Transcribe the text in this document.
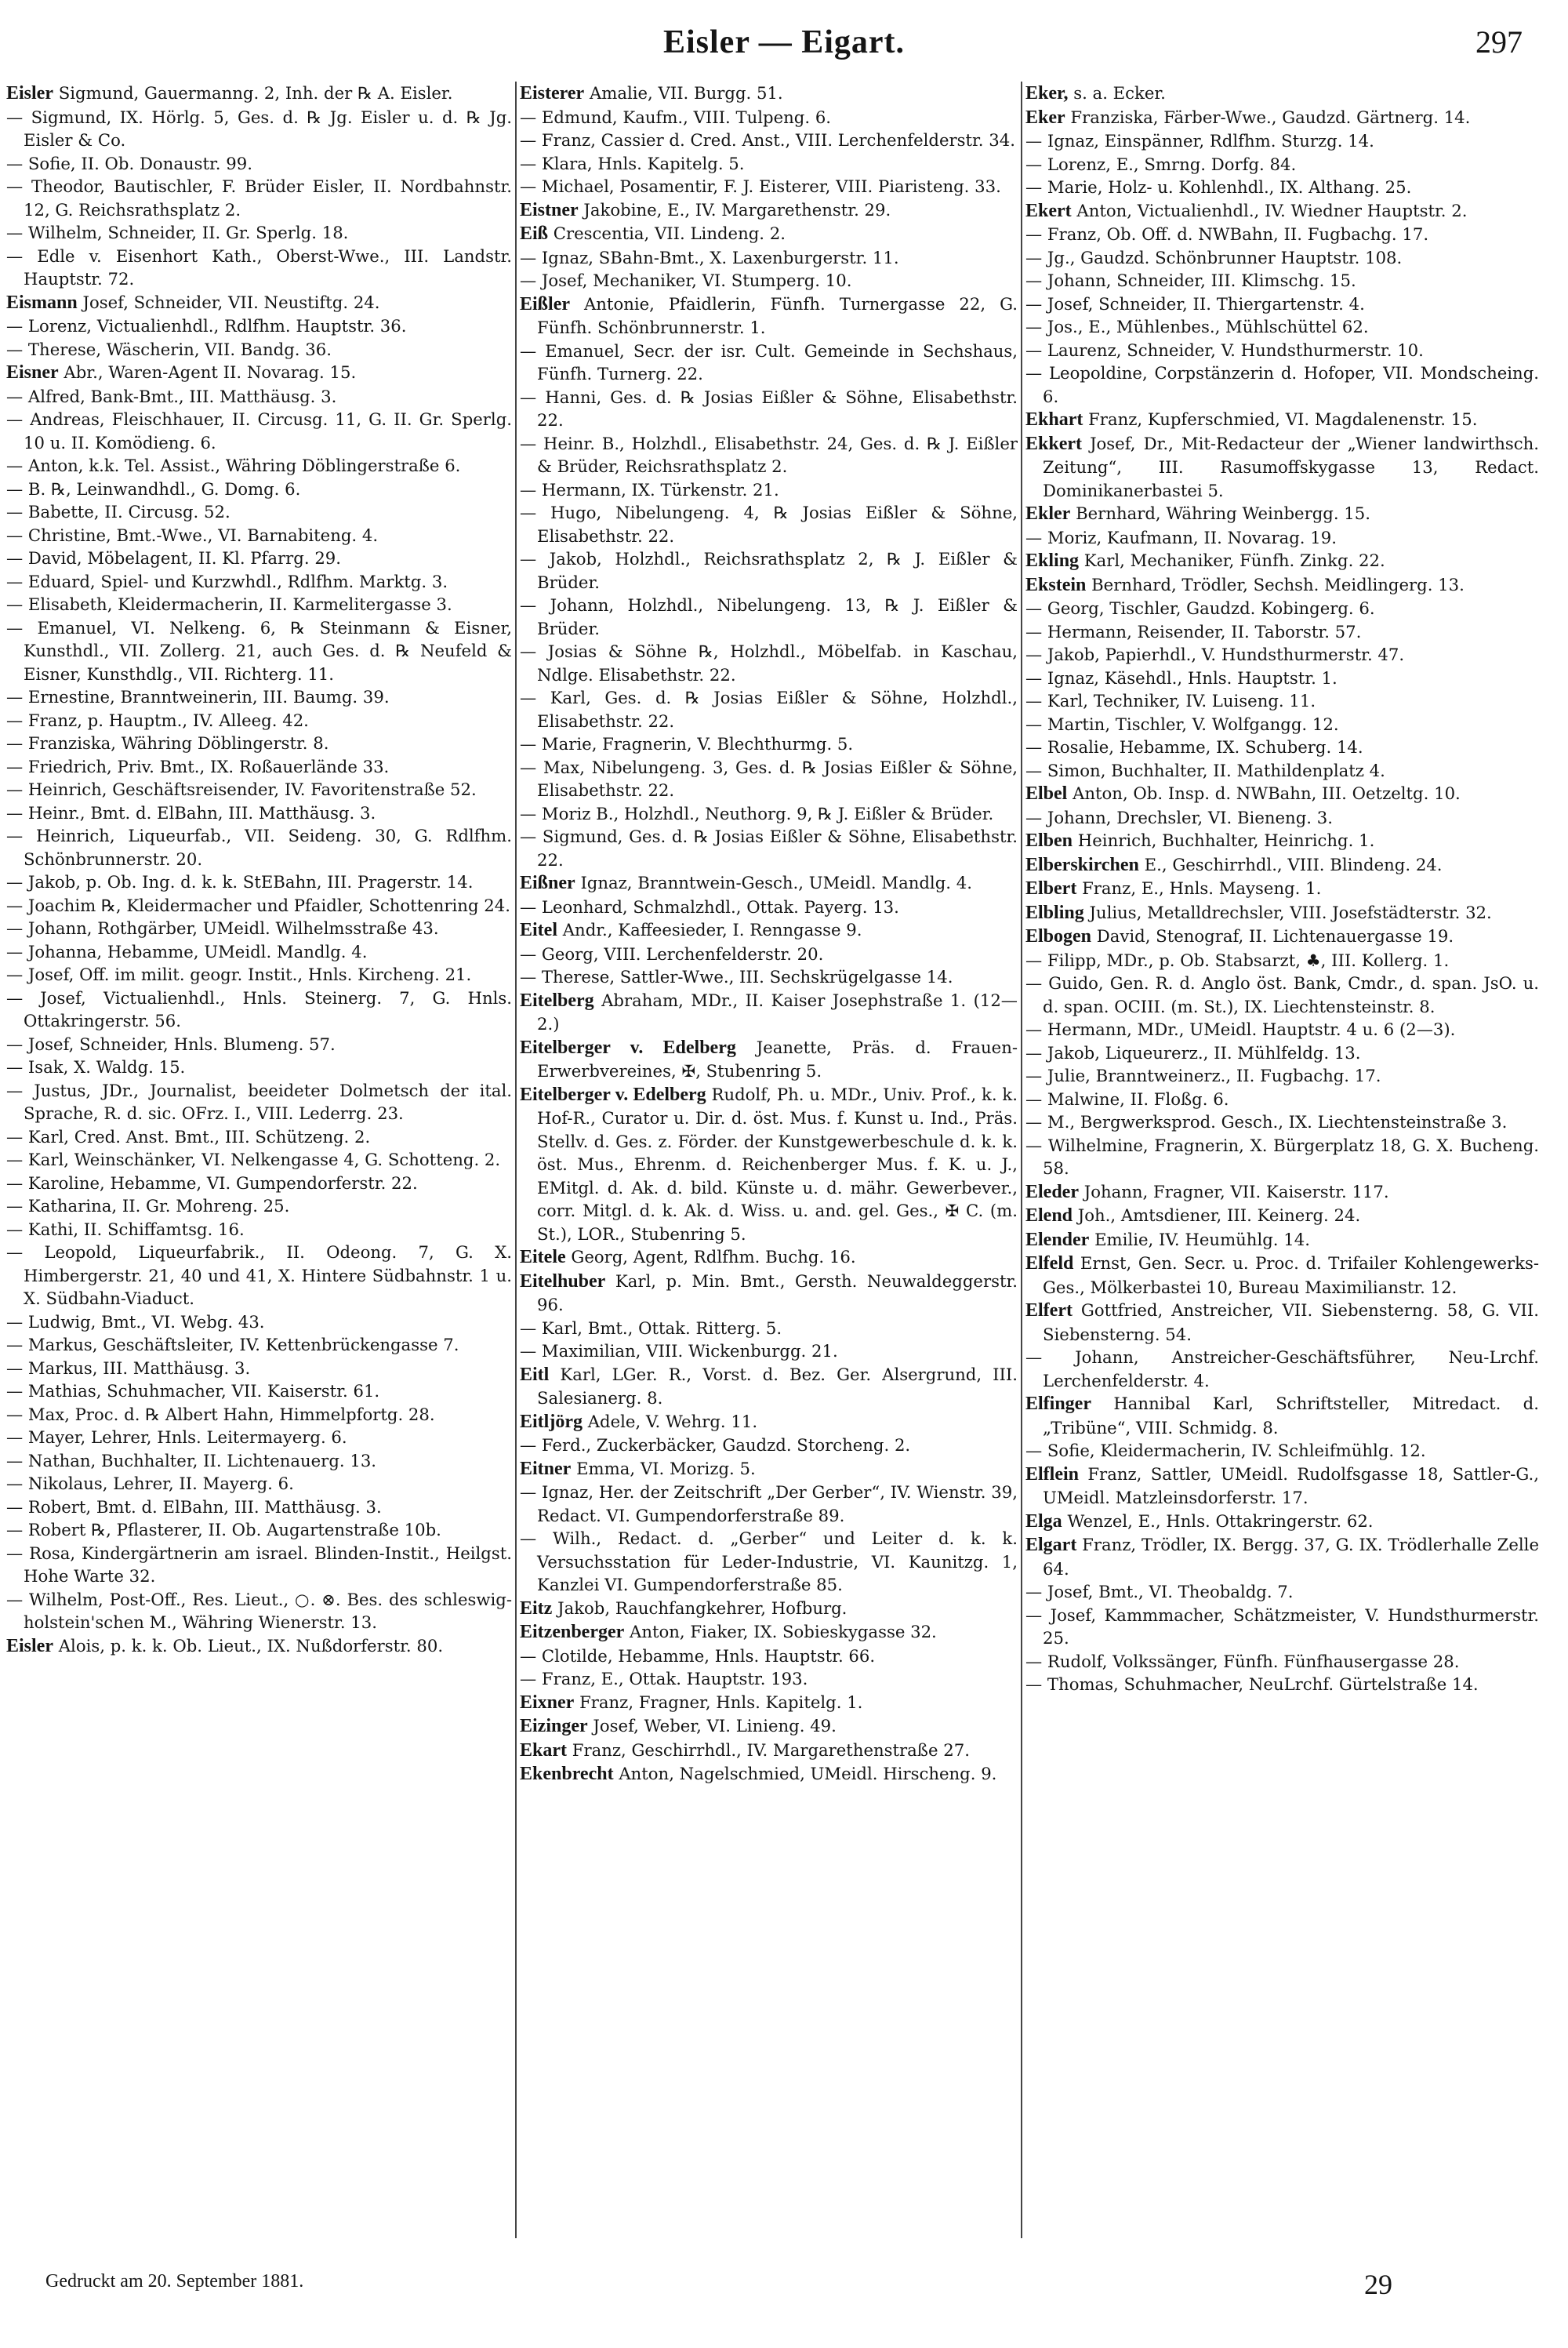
Eisler — Eigart.	297
Eisler Sigmund, Gauermanng. 2, Inh. der ℞ A. Eisler.
— Sigmund, IX. Hörlg. 5, Ges. d. ℞ Jg. Eisler u. d. ℞ Jg. Eisler & Co.
— Sofie, II. Ob. Donaustr. 99.
— Theodor, Bautischler, F. Brüder Eisler, II. Nordbahnstr. 12, G. Reichsrathsplatz 2.
— Wilhelm, Schneider, II. Gr. Sperlg. 18.
— Edle v. Eisenhort Kath., Oberst-Wwe., III. Landstr. Hauptstr. 72.
Eismann Josef, Schneider, VII. Neustiftg. 24.
— Lorenz, Victualienhdl., Rdlfhm. Hauptstr. 36.
— Therese, Wäscherin, VII. Bandg. 36.
Eisner Abr., Waren-Agent II. Novarag. 15.
— Alfred, Bank-Bmt., III. Matthäusg. 3.
— Andreas, Fleischhauer, II. Circusg. 11, G. II. Gr. Sperlg. 10 u. II. Komödieng. 6.
— Anton, k.k. Tel. Assist., Währing Döblingerstraße 6.
— B. ℞, Leinwandhdl., G. Domg. 6.
— Babette, II. Circusg. 52.
— Christine, Bmt.-Wwe., VI. Barnabiteng. 4.
— David, Möbelagent, II. Kl. Pfarrg. 29.
— Eduard, Spiel- und Kurzwhdl., Rdlfhm. Marktg. 3.
— Elisabeth, Kleidermacherin, II. Karmelitergasse 3.
— Emanuel, VI. Nelkeng. 6, ℞ Steinmann & Eisner, Kunsthdl., VII. Zollerg. 21, auch Ges. d. ℞ Neufeld & Eisner, Kunsthdlg., VII. Richterg. 11.
— Ernestine, Branntweinerin, III. Baumg. 39.
— Franz, p. Hauptm., IV. Alleeg. 42.
— Franziska, Währing Döblingerstr. 8.
— Friedrich, Priv. Bmt., IX. Roßauerlände 33.
— Heinrich, Geschäftsreisender, IV. Favoritenstraße 52.
— Heinr., Bmt. d. ElBahn, III. Matthäusg. 3.
— Heinrich, Liqueurfab., VII. Seideng. 30, G. Rdlfhm. Schönbrunnerstr. 20.
— Jakob, p. Ob. Ing. d. k. k. StEBahn, III. Pragerstr. 14.
— Joachim ℞, Kleidermacher und Pfaidler, Schottenring 24.
— Johann, Rothgärber, UMeidl. Wilhelmsstraße 43.
— Johanna, Hebamme, UMeidl. Mandlg. 4.
— Josef, Off. im milit. geogr. Instit., Hnls. Kircheng. 21.
— Josef, Victualienhdl., Hnls. Steinerg. 7, G. Hnls. Ottakringerstr. 56.
— Josef, Schneider, Hnls. Blumeng. 57.
— Isak, X. Waldg. 15.
— Justus, JDr., Journalist, beeideter Dolmetsch der ital. Sprache, R. d. sic. OFrz. I., VIII. Lederrg. 23.
— Karl, Cred. Anst. Bmt., III. Schützeng. 2.
— Karl, Weinschänker, VI. Nelkengasse 4, G. Schotteng. 2.
— Karoline, Hebamme, VI. Gumpendorferstr. 22.
— Katharina, II. Gr. Mohreng. 25.
— Kathi, II. Schiffamtsg. 16.
— Leopold, Liqueurfabrik., II. Odeong. 7, G. X. Himbergerstr. 21, 40 und 41, X. Hintere Südbahnstr. 1 u. X. Südbahn-Viaduct.
— Ludwig, Bmt., VI. Webg. 43.
— Markus, Geschäftsleiter, IV. Kettenbrückengasse 7.
— Markus, III. Matthäusg. 3.
— Mathias, Schuhmacher, VII. Kaiserstr. 61.
— Max, Proc. d. ℞ Albert Hahn, Himmelpfortg. 28.
— Mayer, Lehrer, Hnls. Leitermayerg. 6.
— Nathan, Buchhalter, II. Lichtenauerg. 13.
— Nikolaus, Lehrer, II. Mayerg. 6.
— Robert, Bmt. d. ElBahn, III. Matthäusg. 3.
— Robert ℞, Pflasterer, II. Ob. Augartenstraße 10b.
— Rosa, Kindergärtnerin am israel. Blinden-Instit., Heilgst. Hohe Warte 32.
— Wilhelm, Post-Off., Res. Lieut., ○. ⊗. Bes. des schleswig-holstein'schen M., Währing Wienerstr. 13.
Eisler Alois, p. k. k. Ob. Lieut., IX. Nußdorferstr. 80.
Eisterer Amalie, VII. Burgg. 51.
— Edmund, Kaufm., VIII. Tulpeng. 6.
— Franz, Cassier d. Cred. Anst., VIII. Lerchenfelderstr. 34.
— Klara, Hnls. Kapitelg. 5.
— Michael, Posamentir, F. J. Eisterer, VIII. Piaristeng. 33.
Eistner Jakobine, E., IV. Margarethenstr. 29.
Eiß Crescentia, VII. Lindeng. 2.
— Ignaz, SBahn-Bmt., X. Laxenburgerstr. 11.
— Josef, Mechaniker, VI. Stumperg. 10.
Eißler Antonie, Pfaidlerin, Fünfh. Turnergasse 22, G. Fünfh. Schönbrunnerstr. 1.
— Emanuel, Secr. der isr. Cult. Gemeinde in Sechshaus, Fünfh. Turnerg. 22.
— Hanni, Ges. d. ℞ Josias Eißler & Söhne, Elisabethstr. 22.
— Heinr. B., Holzhdl., Elisabethstr. 24, Ges. d. ℞ J. Eißler & Brüder, Reichsrathsplatz 2.
— Hermann, IX. Türkenstr. 21.
— Hugo, Nibelungeng. 4, ℞ Josias Eißler & Söhne, Elisabethstr. 22.
— Jakob, Holzhdl., Reichsrathsplatz 2, ℞ J. Eißler & Brüder.
— Johann, Holzhdl., Nibelungeng. 13, ℞ J. Eißler & Brüder.
— Josias & Söhne ℞, Holzhdl., Möbelfab. in Kaschau, Ndlge. Elisabethstr. 22.
— Karl, Ges. d. ℞ Josias Eißler & Söhne, Holzhdl., Elisabethstr. 22.
— Marie, Fragnerin, V. Blechthurmg. 5.
— Max, Nibelungeng. 3, Ges. d. ℞ Josias Eißler & Söhne, Elisabethstr. 22.
— Moriz B., Holzhdl., Neuthorg. 9, ℞ J. Eißler & Brüder.
— Sigmund, Ges. d. ℞ Josias Eißler & Söhne, Elisabethstr. 22.
Eißner Ignaz, Branntwein-Gesch., UMeidl. Mandlg. 4.
— Leonhard, Schmalzhdl., Ottak. Payerg. 13.
Eitel Andr., Kaffeesieder, I. Renngasse 9.
— Georg, VIII. Lerchenfelderstr. 20.
— Therese, Sattler-Wwe., III. Sechskrügelgasse 14.
Eitelberg Abraham, MDr., II. Kaiser Josephstraße 1. (12—2.)
Eitelberger v. Edelberg Jeanette, Präs. d. Frauen-Erwerbvereines, ✠, Stubenring 5.
Eitelberger v. Edelberg Rudolf, Ph. u. MDr., Univ. Prof., k. k. Hof-R., Curator u. Dir. d. öst. Mus. f. Kunst u. Ind., Präs. Stellv. d. Ges. z. Förder. der Kunstgewerbeschule d. k. k. öst. Mus., Ehrenm. d. Reichenberger Mus. f. K. u. J., EMitgl. d. Ak. d. bild. Künste u. d. mähr. Gewerbever., corr. Mitgl. d. k. Ak. d. Wiss. u. and. gel. Ges., ✠ C. (m. St.), LOR., Stubenring 5.
Eitele Georg, Agent, Rdlfhm. Buchg. 16.
Eitelhuber Karl, p. Min. Bmt., Gersth. Neuwaldeggerstr. 96.
— Karl, Bmt., Ottak. Ritterg. 5.
— Maximilian, VIII. Wickenburgg. 21.
Eitl Karl, LGer. R., Vorst. d. Bez. Ger. Alsergrund, III. Salesianerg. 8.
Eitljörg Adele, V. Wehrg. 11.
— Ferd., Zuckerbäcker, Gaudzd. Storcheng. 2.
Eitner Emma, VI. Morizg. 5.
— Ignaz, Her. der Zeitschrift „Der Gerber“, IV. Wienstr. 39, Redact. VI. Gumpendorferstraße 89.
— Wilh., Redact. d. „Gerber“ und Leiter d. k. k. Versuchsstation für Leder-Industrie, VI. Kaunitzg. 1, Kanzlei VI. Gumpendorferstraße 85.
Eitz Jakob, Rauchfangkehrer, Hofburg.
Eitzenberger Anton, Fiaker, IX. Sobieskygasse 32.
— Clotilde, Hebamme, Hnls. Hauptstr. 66.
— Franz, E., Ottak. Hauptstr. 193.
Eixner Franz, Fragner, Hnls. Kapitelg. 1.
Eizinger Josef, Weber, VI. Linieng. 49.
Ekart Franz, Geschirrhdl., IV. Margarethenstraße 27.
Ekenbrecht Anton, Nagelschmied, UMeidl. Hirscheng. 9.
Eker, s. a. Ecker.
Eker Franziska, Färber-Wwe., Gaudzd. Gärtnerg. 14.
— Ignaz, Einspänner, Rdlfhm. Sturzg. 14.
— Lorenz, E., Smrng. Dorfg. 84.
— Marie, Holz- u. Kohlenhdl., IX. Althang. 25.
Ekert Anton, Victualienhdl., IV. Wiedner Hauptstr. 2.
— Franz, Ob. Off. d. NWBahn, II. Fugbachg. 17.
— Jg., Gaudzd. Schönbrunner Hauptstr. 108.
— Johann, Schneider, III. Klimschg. 15.
— Josef, Schneider, II. Thiergartenstr. 4.
— Jos., E., Mühlenbes., Mühlschüttel 62.
— Laurenz, Schneider, V. Hundsthurmerstr. 10.
— Leopoldine, Corpstänzerin d. Hofoper, VII. Mondscheing. 6.
Ekhart Franz, Kupferschmied, VI. Magdalenenstr. 15.
Ekkert Josef, Dr., Mit-Redacteur der „Wiener landwirthsch. Zeitung“, III. Rasumoffskygasse 13, Redact. Dominikanerbastei 5.
Ekler Bernhard, Währing Weinbergg. 15.
— Moriz, Kaufmann, II. Novarag. 19.
Ekling Karl, Mechaniker, Fünfh. Zinkg. 22.
Ekstein Bernhard, Trödler, Sechsh. Meidlingerg. 13.
— Georg, Tischler, Gaudzd. Kobingerg. 6.
— Hermann, Reisender, II. Taborstr. 57.
— Jakob, Papierhdl., V. Hundsthurmerstr. 47.
— Ignaz, Käsehdl., Hnls. Hauptstr. 1.
— Karl, Techniker, IV. Luiseng. 11.
— Martin, Tischler, V. Wolfgangg. 12.
— Rosalie, Hebamme, IX. Schuberg. 14.
— Simon, Buchhalter, II. Mathildenplatz 4.
Elbel Anton, Ob. Insp. d. NWBahn, III. Oetzeltg. 10.
— Johann, Drechsler, VI. Bieneng. 3.
Elben Heinrich, Buchhalter, Heinrichg. 1.
Elberskirchen E., Geschirrhdl., VIII. Blindeng. 24.
Elbert Franz, E., Hnls. Mayseng. 1.
Elbling Julius, Metalldrechsler, VIII. Josefstädterstr. 32.
Elbogen David, Stenograf, II. Lichtenauergasse 19.
— Filipp, MDr., p. Ob. Stabsarzt, ♣, III. Kollerg. 1.
— Guido, Gen. R. d. Anglo öst. Bank, Cmdr., d. span. JsO. u. d. span. OCIII. (m. St.), IX. Liechtensteinstr. 8.
— Hermann, MDr., UMeidl. Hauptstr. 4 u. 6 (2—3).
— Jakob, Liqueurerz., II. Mühlfeldg. 13.
— Julie, Branntweinerz., II. Fugbachg. 17.
— Malwine, II. Floßg. 6.
— M., Bergwerksprod. Gesch., IX. Liechtensteinstraße 3.
— Wilhelmine, Fragnerin, X. Bürgerplatz 18, G. X. Bucheng. 58.
Eleder Johann, Fragner, VII. Kaiserstr. 117.
Elend Joh., Amtsdiener, III. Keinerg. 24.
Elender Emilie, IV. Heumühlg. 14.
Elfeld Ernst, Gen. Secr. u. Proc. d. Trifailer Kohlengewerks-Ges., Mölkerbastei 10, Bureau Maximilianstr. 12.
Elfert Gottfried, Anstreicher, VII. Siebensterng. 58, G. VII. Siebensterng. 54.
— Johann, Anstreicher-Geschäftsführer, Neu-Lrchf. Lerchenfelderstr. 4.
Elfinger Hannibal Karl, Schriftsteller, Mitredact. d. „Tribüne“, VIII. Schmidg. 8.
— Sofie, Kleidermacherin, IV. Schleifmühlg. 12.
Elflein Franz, Sattler, UMeidl. Rudolfsgasse 18, Sattler-G., UMeidl. Matzleinsdorferstr. 17.
Elga Wenzel, E., Hnls. Ottakringerstr. 62.
Elgart Franz, Trödler, IX. Bergg. 37, G. IX. Trödlerhalle Zelle 64.
— Josef, Bmt., VI. Theobaldg. 7.
— Josef, Kammmacher, Schätzmeister, V. Hundsthurmerstr. 25.
— Rudolf, Volkssänger, Fünfh. Fünfhausergasse 28.
— Thomas, Schuhmacher, NeuLrchf. Gürtelstraße 14.
Gedruckt am 20. September 1881.	29
